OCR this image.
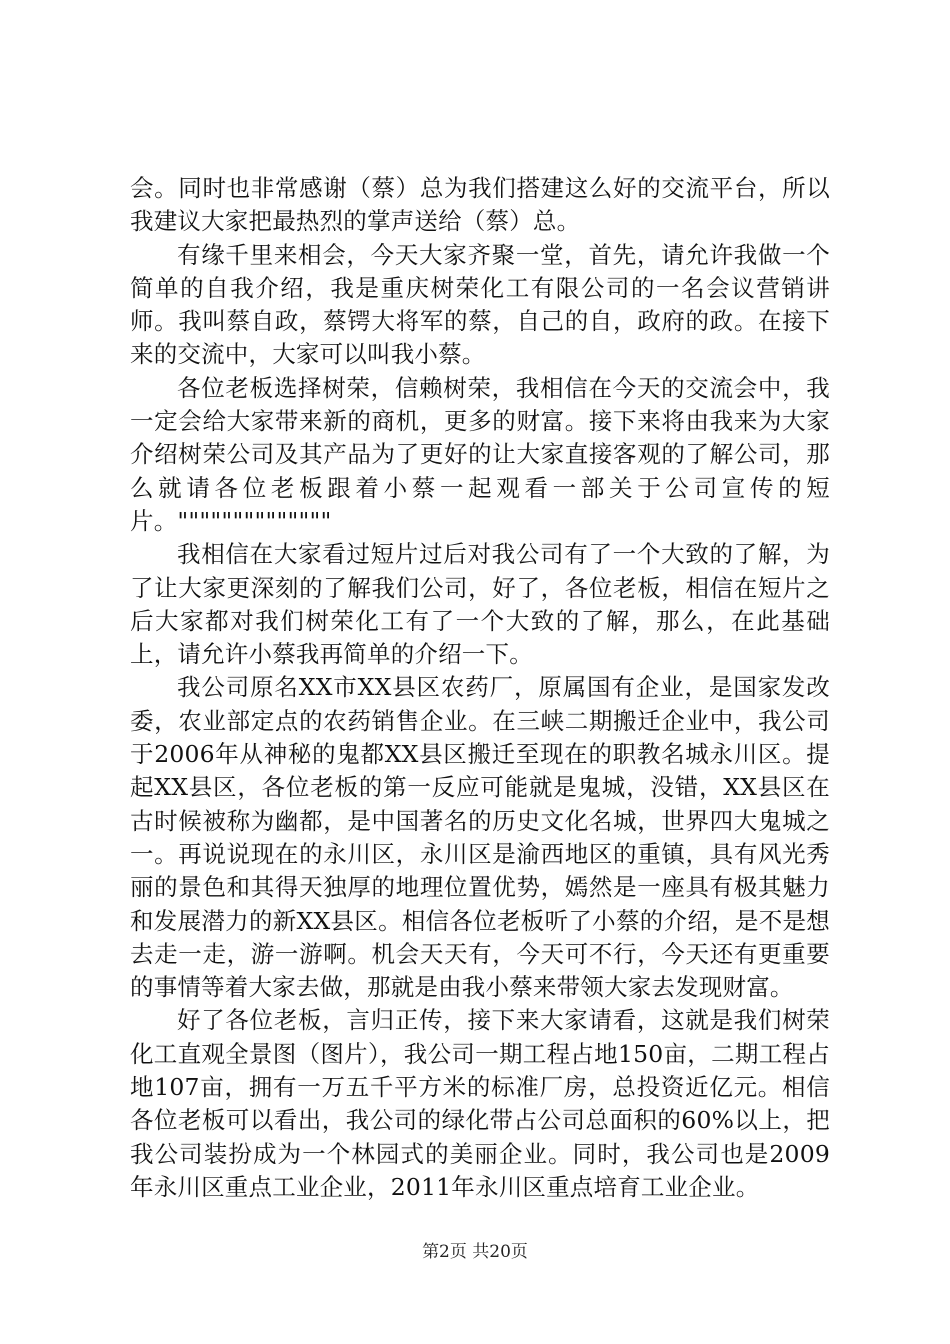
会。同时也非常感谢（蔡）总为我们搭建这么好的交流平台，所以我建议大家把最热烈的掌声送给（蔡）总。

有缘千里来相会，今天大家齐聚一堂，首先，请允许我做一个简单的自我介绍，我是重庆树荣化工有限公司的一名会议营销讲师。我叫蔡自政，蔡锷大将军的蔡，自己的自，政府的政。在接下来的交流中，大家可以叫我小蔡。

各位老板选择树荣，信赖树荣，我相信在今天的交流会中，我一定会给大家带来新的商机，更多的财富。接下来将由我来为大家介绍树荣公司及其产品为了更好的让大家直接客观的了解公司，那么就请各位老板跟着小蔡一起观看一部关于公司宣传的短片。""""""""""""""

我相信在大家看过短片过后对我公司有了一个大致的了解，为了让大家更深刻的了解我们公司，好了，各位老板，相信在短片之后大家都对我们树荣化工有了一个大致的了解，那么，在此基础上，请允许小蔡我再简单的介绍一下。

我公司原名XX市XX县区农药厂，原属国有企业，是国家发改委，农业部定点的农药销售企业。在三峡二期搬迁企业中，我公司于2006年从神秘的鬼都XX县区搬迁至现在的职教名城永川区。提起XX县区，各位老板的第一反应可能就是鬼城，没错，XX县区在古时候被称为幽都，是中国著名的历史文化名城，世界四大鬼城之一。再说说现在的永川区，永川区是渝西地区的重镇，具有风光秀丽的景色和其得天独厚的地理位置优势，嫣然是一座具有极其魅力和发展潜力的新XX县区。相信各位老板听了小蔡的介绍，是不是想去走一走，游一游啊。机会天天有，今天可不行，今天还有更重要的事情等着大家去做，那就是由我小蔡来带领大家去发现财富。

好了各位老板，言归正传，接下来大家请看，这就是我们树荣化工直观全景图（图片），我公司一期工程占地150亩，二期工程占地107亩，拥有一万五千平方米的标准厂房，总投资近亿元。相信各位老板可以看出，我公司的绿化带占公司总面积的60%以上，把我公司装扮成为一个林园式的美丽企业。同时，我公司也是2009年永川区重点工业企业，2011年永川区重点培育工业企业。

第2页 共20页
